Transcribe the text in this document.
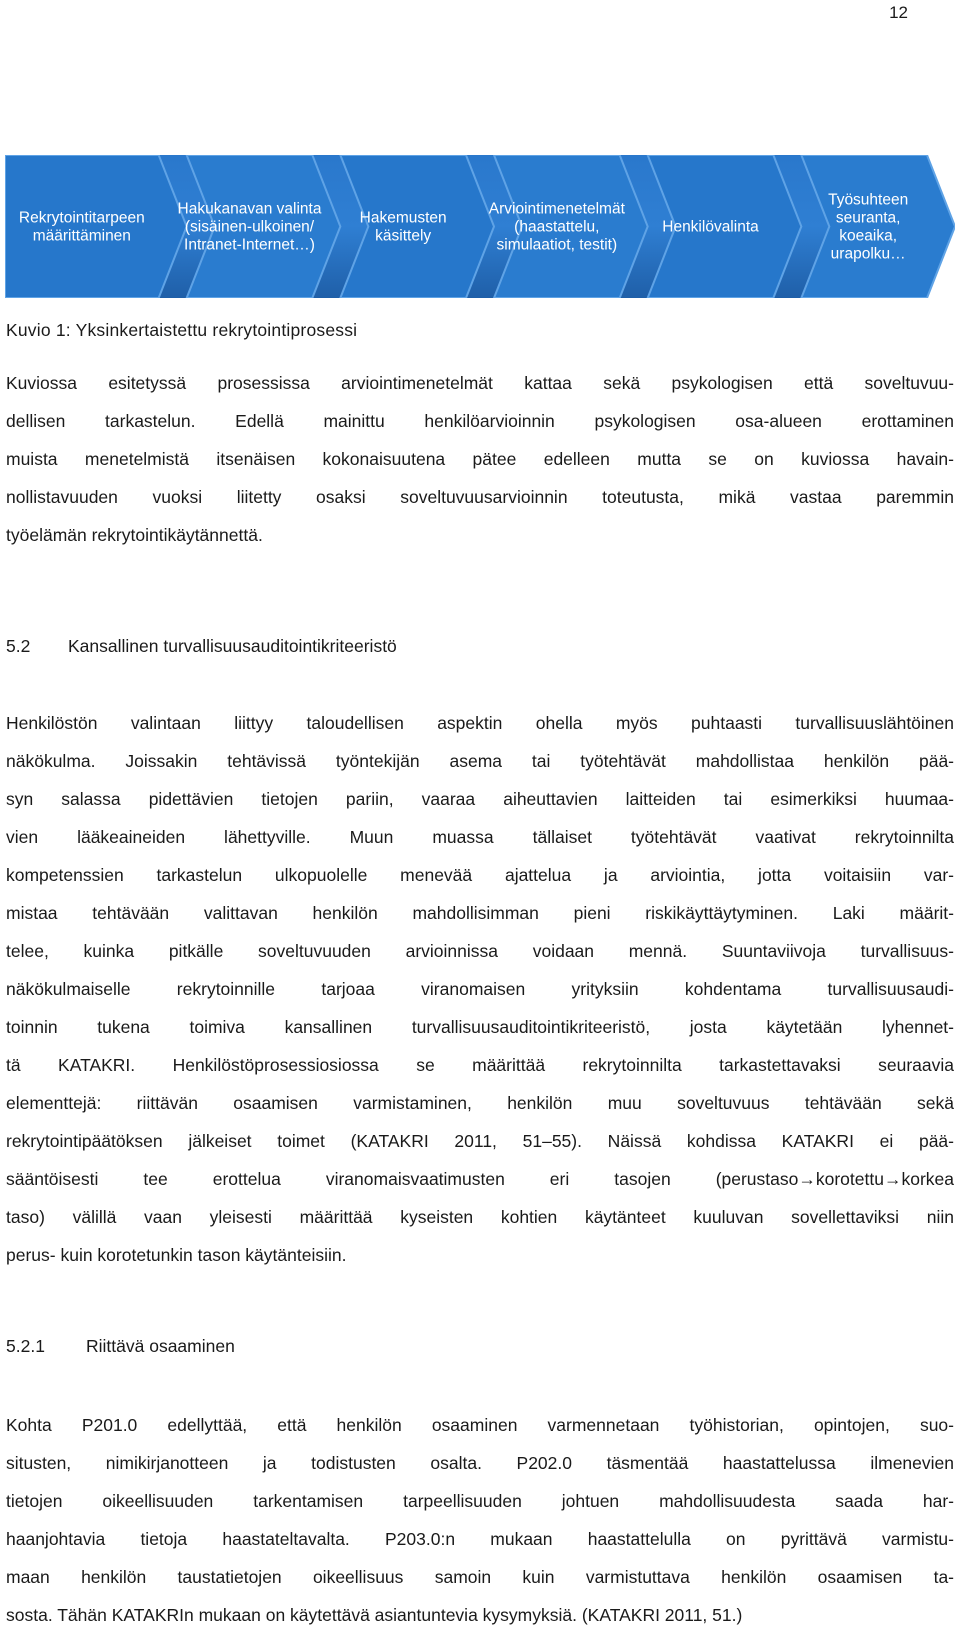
12
Rekrytointitarpeen määrittäminen
Hakukanavan valinta (sisäinen-ulkoinen/ Intranet-Internet…)
Hakemusten käsittely
Arviointimenetelmät (haastattelu, simulaatiot, testit)
Henkilövalinta
Työsuhteen seuranta, koeaika, urapolku…
Kuvio 1: Yksinkertaistettu rekrytointiprosessi
Kuviossa esitetyssä prosessissa arviointimenetelmät kattaa sekä psykologisen että soveltuvuu-
dellisen tarkastelun. Edellä mainittu henkilöarvioinnin psykologisen osa-alueen erottaminen
muista menetelmistä itsenäisen kokonaisuutena pätee edelleen mutta se on kuviossa havain-
nollistavuuden vuoksi liitetty osaksi soveltuvuusarvioinnin toteutusta, mikä vastaa paremmin
työelämän rekrytointikäytännettä.
5.2 Kansallinen turvallisuusauditointikriteeristö
Henkilöstön valintaan liittyy taloudellisen aspektin ohella myös puhtaasti turvallisuuslähtöinen
näkökulma. Joissakin tehtävissä työntekijän asema tai työtehtävät mahdollistaa henkilön pää-
syn salassa pidettävien tietojen pariin, vaaraa aiheuttavien laitteiden tai esimerkiksi huumaa-
vien lääkeaineiden lähettyville. Muun muassa tällaiset työtehtävät vaativat rekrytoinnilta
kompetenssien tarkastelun ulkopuolelle menevää ajattelua ja arviointia, jotta voitaisiin var-
mistaa tehtävään valittavan henkilön mahdollisimman pieni riskikäyttäytyminen. Laki määrit-
telee, kuinka pitkälle soveltuvuuden arvioinnissa voidaan mennä. Suuntaviivoja turvallisuus-
näkökulmaiselle rekrytoinnille tarjoaa viranomaisen yrityksiin kohdentama turvallisuusaudi-
toinnin tukena toimiva kansallinen turvallisuusauditointikriteeristö, josta käytetään lyhennet-
tä KATAKRI. Henkilöstöprosessiosiossa se määrittää rekrytoinnilta tarkastettavaksi seuraavia
elementtejä: riittävän osaamisen varmistaminen, henkilön muu soveltuvuus tehtävään sekä
rekrytointipäätöksen jälkeiset toimet (KATAKRI 2011, 51–55). Näissä kohdissa KATAKRI ei pää-
sääntöisesti tee erottelua viranomaisvaatimusten eri tasojen (perustaso→korotettu→korkea
taso) välillä vaan yleisesti määrittää kyseisten kohtien käytänteet kuuluvan sovellettaviksi niin
perus- kuin korotetunkin tason käytänteisiin.
5.2.1 Riittävä osaaminen
Kohta P201.0 edellyttää, että henkilön osaaminen varmennetaan työhistorian, opintojen, suo-
situsten, nimikirjanotteen ja todistusten osalta. P202.0 täsmentää haastattelussa ilmenevien
tietojen oikeellisuuden tarkentamisen tarpeellisuuden johtuen mahdollisuudesta saada har-
haanjohtavia tietoja haastateltavalta. P203.0:n mukaan haastattelulla on pyrittävä varmistu-
maan henkilön taustatietojen oikeellisuus samoin kuin varmistuttava henkilön osaamisen ta-
sosta. Tähän KATAKRIn mukaan on käytettävä asiantuntevia kysymyksiä. (KATAKRI 2011, 51.)
